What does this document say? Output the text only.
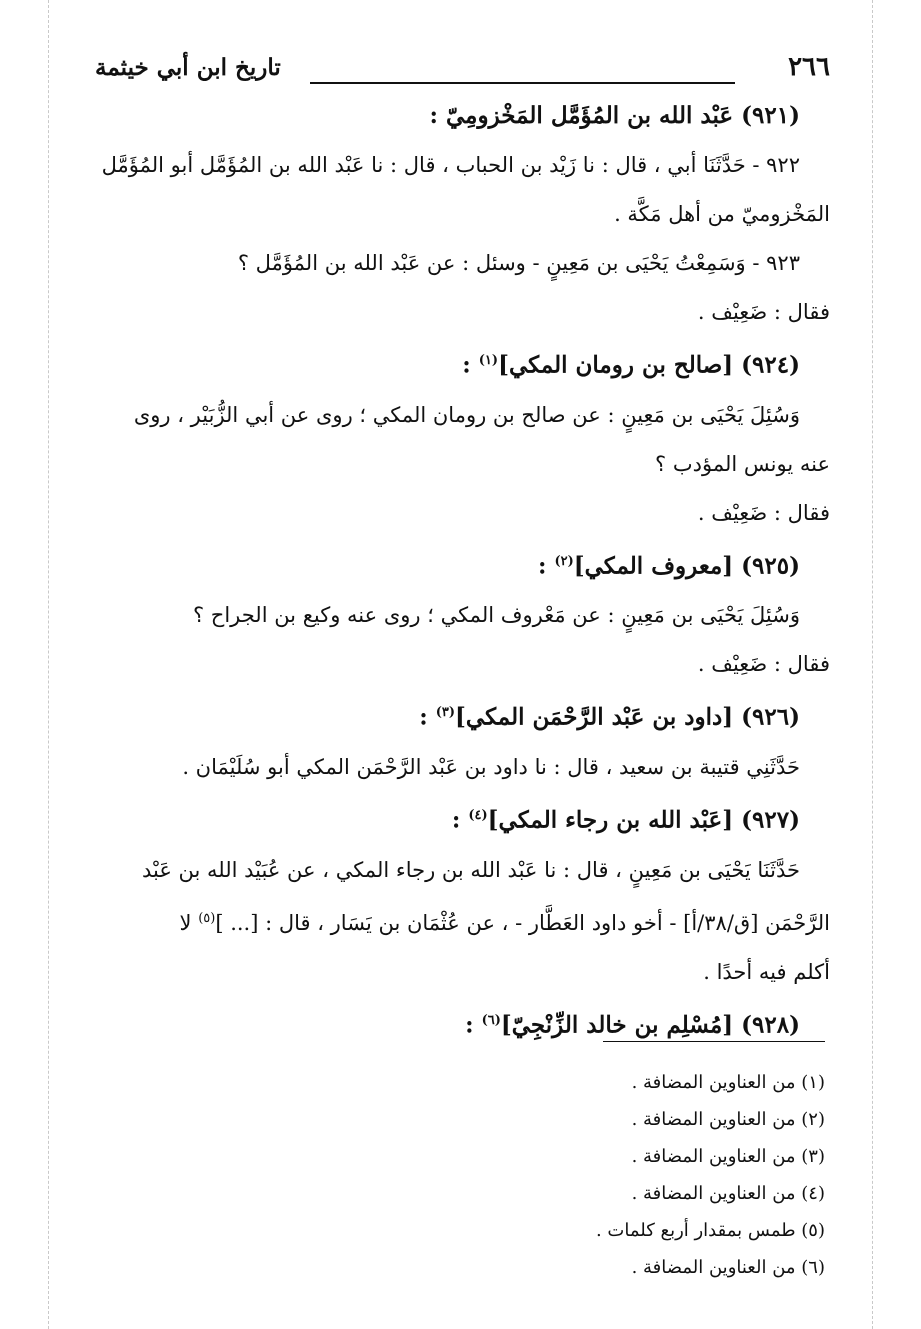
٢٦٦
تاريخ ابن أبي خيثمة
(٩٢١) عَبْد الله بن المُؤَمَّل المَخْزومِيّ :
٩٢٢ - حَدَّثَنَا أبي ، قال : نا زَيْد بن الحباب ، قال : نا عَبْد الله بن المُؤَمَّل أبو المُؤَمَّل
المَخْزوميّ من أهل مَكَّة .
٩٢٣ - وَسَمِعْتُ يَحْيَى بن مَعِينٍ - وسئل : عن عَبْد الله بن المُؤَمَّل ؟
فقال : ضَعِيْف .
(٩٢٤) [صالح بن رومان المكي]$^{(١)}$ :
وَسُئِلَ يَحْيَى بن مَعِينٍ : عن صالح بن رومان المكي ؛ روى عن أبي الزُّبَيْر ، روى
عنه يونس المؤدب ؟
فقال : ضَعِيْف .
(٩٢٥) [معروف المكي]$^{(٢)}$ :
وَسُئِلَ يَحْيَى بن مَعِينٍ : عن مَعْروف المكي ؛ روى عنه وكيع بن الجراح ؟
فقال : ضَعِيْف .
(٩٢٦) [داود بن عَبْد الرَّحْمَن المكي]$^{(٣)}$ :
حَدَّثَنِي قتيبة بن سعيد ، قال : نا داود بن عَبْد الرَّحْمَن المكي أبو سُلَيْمَان .
(٩٢٧) [عَبْد الله بن رجاء المكي]$^{(٤)}$ :
حَدَّثَنَا يَحْيَى بن مَعِينٍ ، قال : نا عَبْد الله بن رجاء المكي ، عن عُبَيْد الله بن عَبْد
الرَّحْمَن [ق/٣٨/أ] - أخو داود العَطَّار - ، عن عُثْمَان بن يَسَار ، قال : [... ]$^{(٥)}$ لا
أكلم فيه أحدًا .
(٩٢٨) [مُسْلِم بن خالد الزِّنْجِيّ]$^{(٦)}$ :
(١) من العناوين المضافة .
(٢) من العناوين المضافة .
(٣) من العناوين المضافة .
(٤) من العناوين المضافة .
(٥) طمس بمقدار أربع كلمات .
(٦) من العناوين المضافة .
